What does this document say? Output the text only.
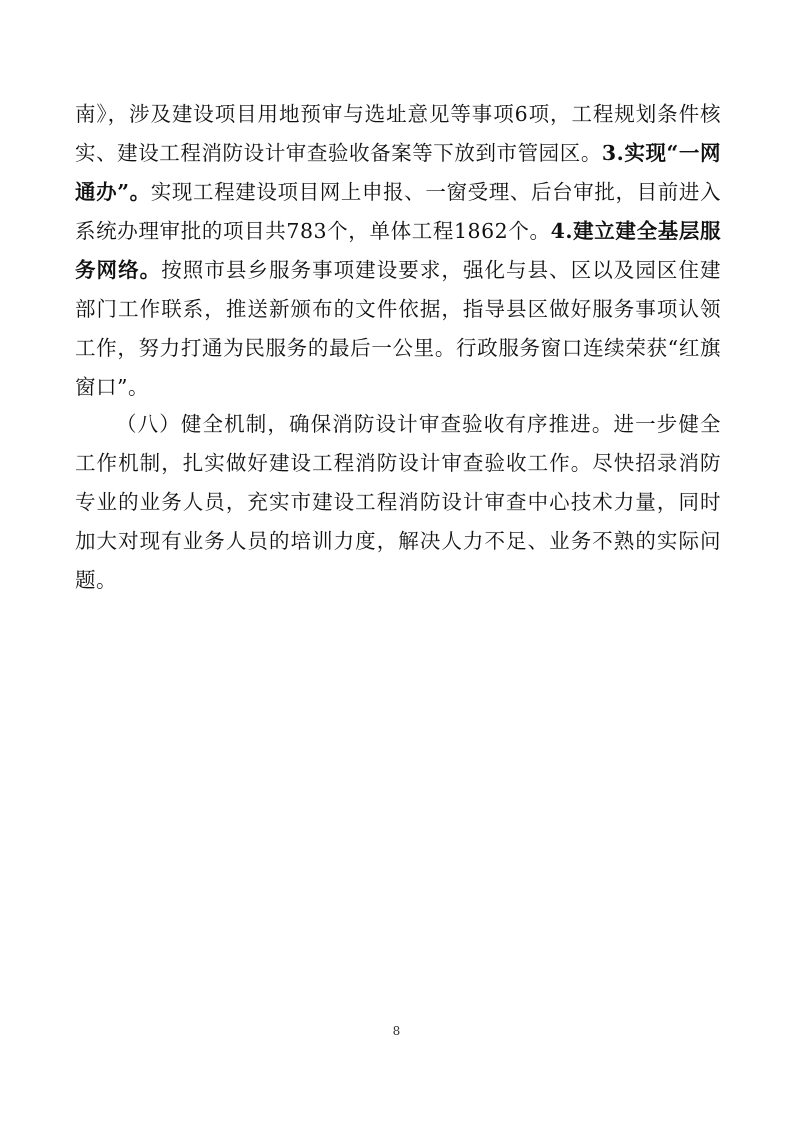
南》，涉及建设项目用地预审与选址意见等事项6项，工程规划条件核实、建设工程消防设计审查验收备案等下放到市管园区。3.实现“一网通办”。实现工程建设项目网上申报、一窗受理、后台审批，目前进入系统办理审批的项目共783个，单体工程1862个。4.建立建全基层服务网络。按照市县乡服务事项建设要求，强化与县、区以及园区住建部门工作联系，推送新颁布的文件依据，指导县区做好服务事项认领工作，努力打通为民服务的最后一公里。行政服务窗口连续荣获“红旗窗口”。

（八）健全机制，确保消防设计审查验收有序推进。进一步健全工作机制，扎实做好建设工程消防设计审查验收工作。尽快招录消防专业的业务人员，充实市建设工程消防设计审查中心技术力量，同时加大对现有业务人员的培训力度，解决人力不足、业务不熟的实际问题。

8
